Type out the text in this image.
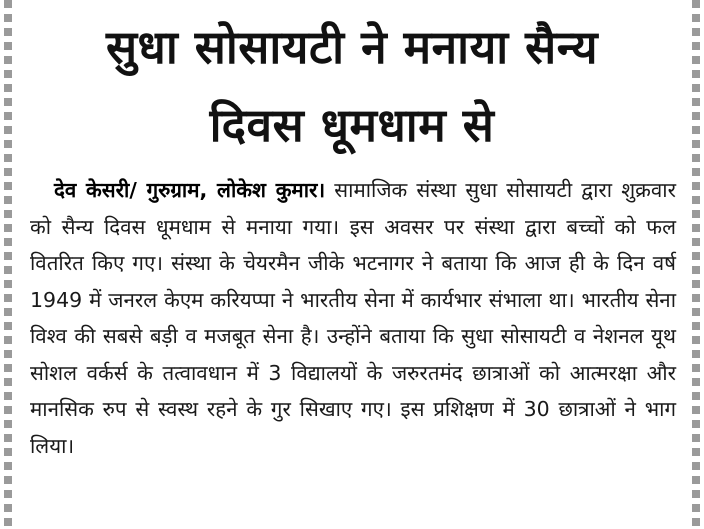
सुधा सोसायटी ने मनाया सैन्य
दिवस धूमधाम से

देव केसरी/ गुरुग्राम, लोकेश कुमार। सामाजिक संस्था सुधा सोसायटी द्वारा शुक्रवार को सैन्य दिवस धूमधाम से मनाया गया। इस अवसर पर संस्था द्वारा बच्चों को फल वितरित किए गए। संस्था के चेयरमैन जीके भटनागर ने बताया कि आज ही के दिन वर्ष 1949 में जनरल केएम करियप्पा ने भारतीय सेना में कार्यभार संभाला था। भारतीय सेना विश्व की सबसे बड़ी व मजबूत सेना है। उन्होंने बताया कि सुधा सोसायटी व नेशनल यूथ सोशल वर्कर्स के तत्वावधान में 3 विद्यालयों के जरुरतमंद छात्राओं को आत्मरक्षा और मानसिक रुप से स्वस्थ रहने के गुर सिखाए गए। इस प्रशिक्षण में 30 छात्राओं ने भाग लिया।
